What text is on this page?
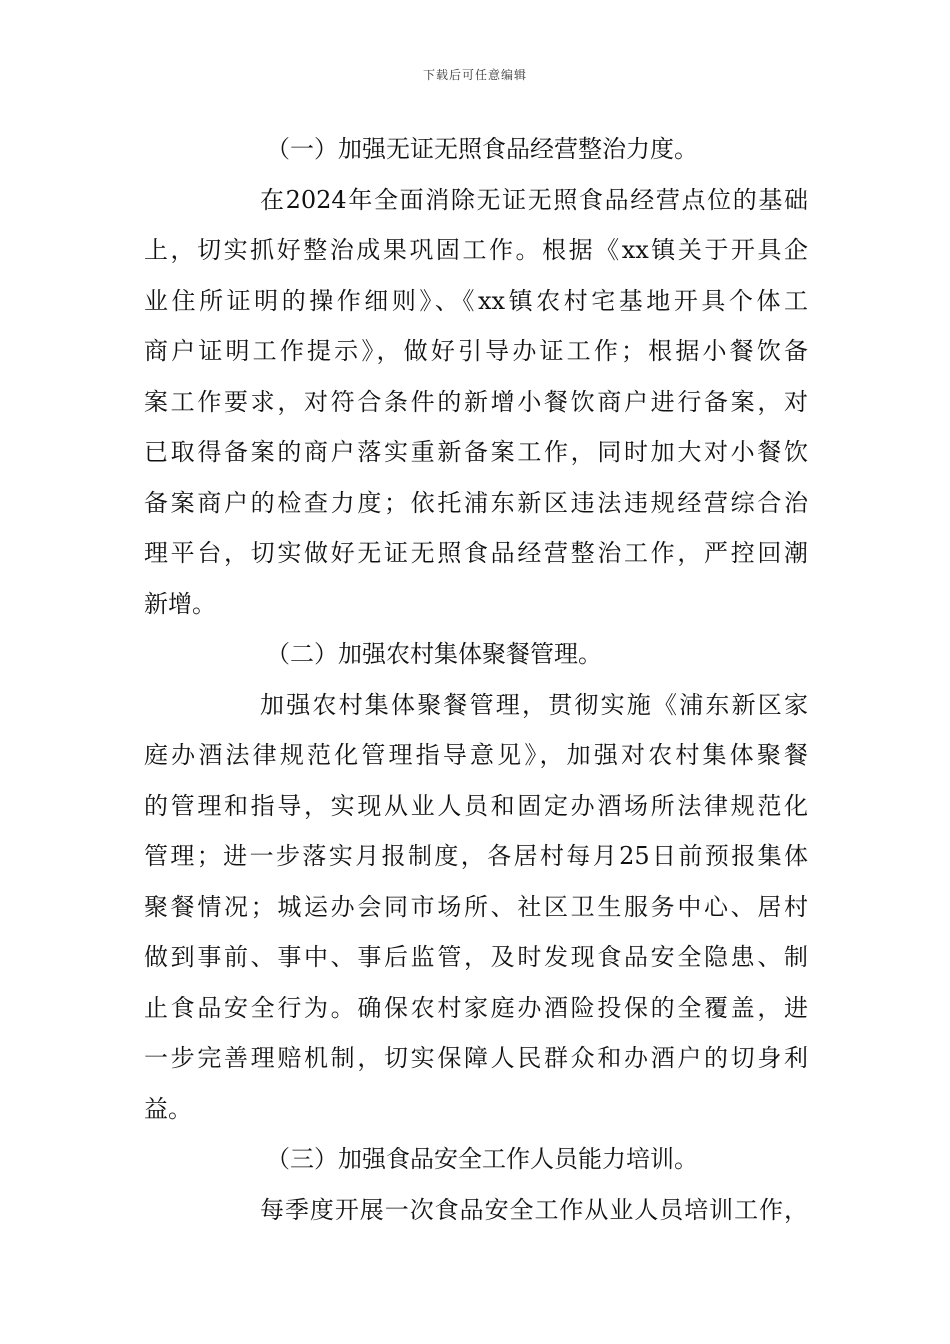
下载后可任意编辑
（一）加强无证无照食品经营整治力度。
在2024年全面消除无证无照食品经营点位的基础
上，切实抓好整治成果巩固工作。根据《xx镇关于开具企
业住所证明的操作细则》、《xx镇农村宅基地开具个体工
商户证明工作提示》，做好引导办证工作；根据小餐饮备
案工作要求，对符合条件的新增小餐饮商户进行备案，对
已取得备案的商户落实重新备案工作，同时加大对小餐饮
备案商户的检查力度；依托浦东新区违法违规经营综合治
理平台，切实做好无证无照食品经营整治工作，严控回潮
新增。
（二）加强农村集体聚餐管理。
加强农村集体聚餐管理，贯彻实施《浦东新区家
庭办酒法律规范化管理指导意见》，加强对农村集体聚餐
的管理和指导，实现从业人员和固定办酒场所法律规范化
管理；进一步落实月报制度，各居村每月25日前预报集体
聚餐情况；城运办会同市场所、社区卫生服务中心、居村
做到事前、事中、事后监管，及时发现食品安全隐患、制
止食品安全行为。确保农村家庭办酒险投保的全覆盖，进
一步完善理赔机制，切实保障人民群众和办酒户的切身利
益。
（三）加强食品安全工作人员能力培训。
每季度开展一次食品安全工作从业人员培训工作，
